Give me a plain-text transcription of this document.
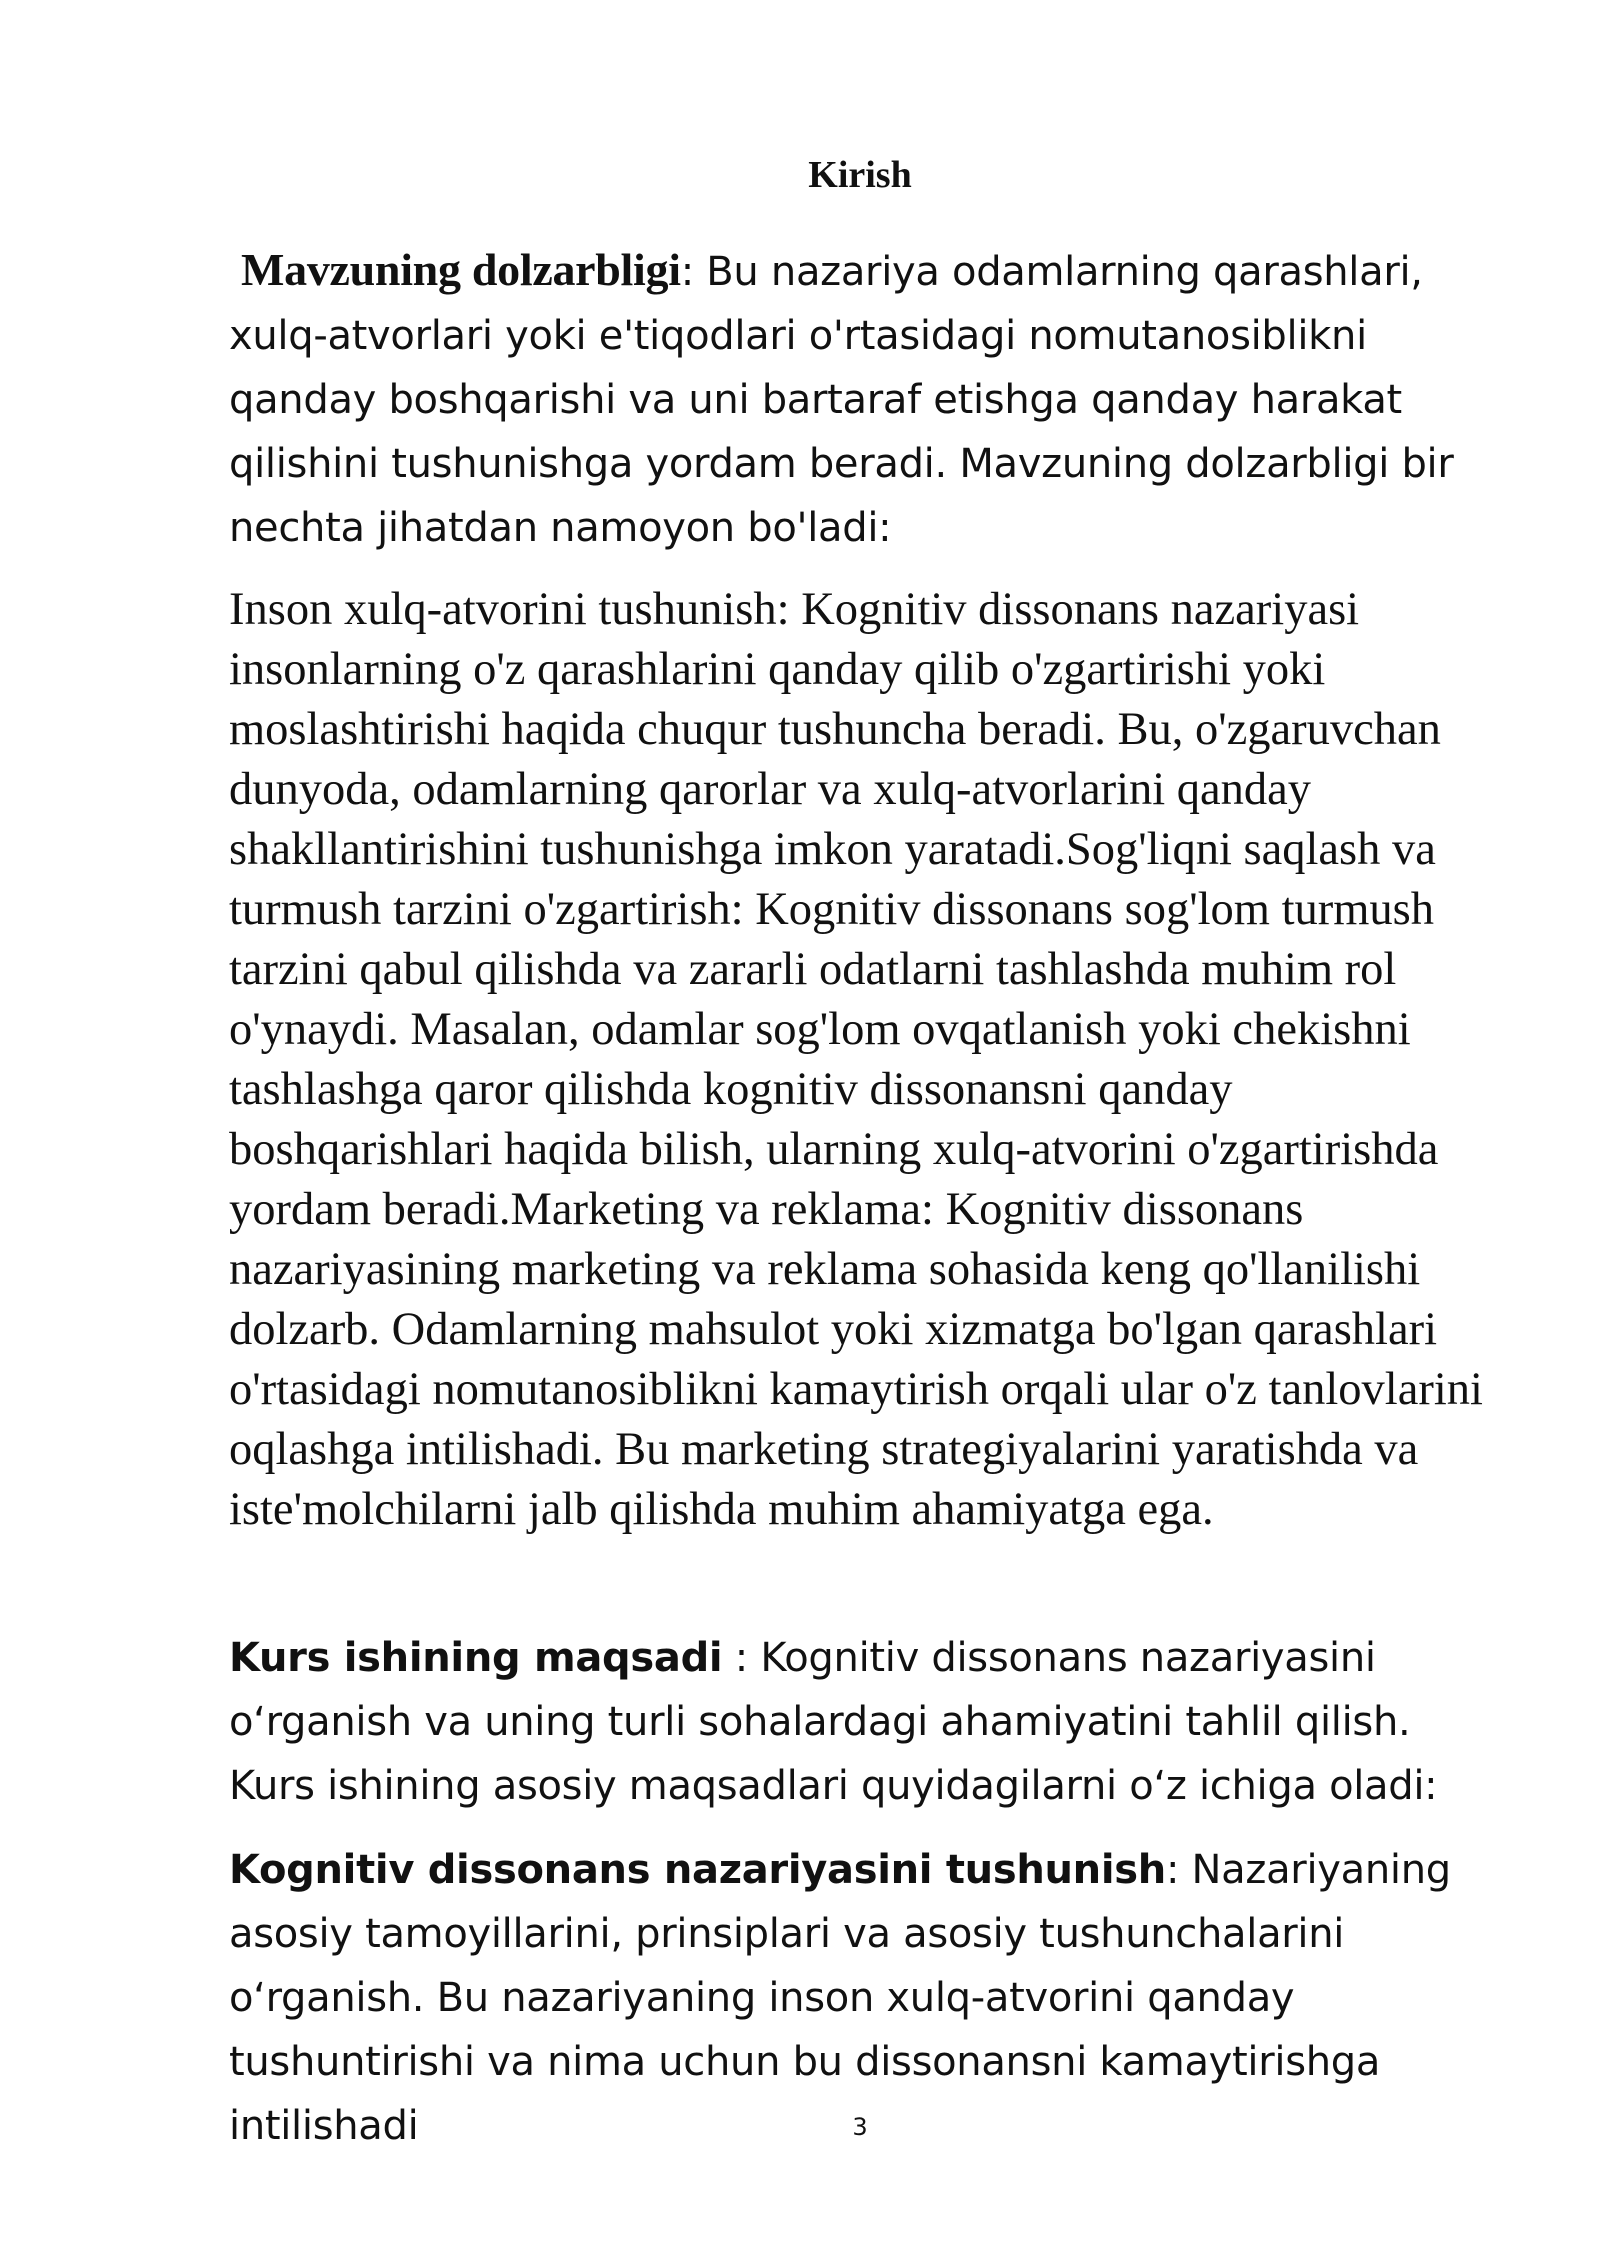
Kirish
Mavzuning dolzarbligi: Bu nazariya odamlarning qarashlari, xulq-atvorlari yoki e'tiqodlari o'rtasidagi nomutanosiblikni qanday boshqarishi va uni bartaraf etishga qanday harakat qilishini tushunishga yordam beradi. Mavzuning dolzarbligi bir nechta jihatdan namoyon bo'ladi:
Inson xulq-atvorini tushunish: Kognitiv dissonans nazariyasi insonlarning o'z qarashlarini qanday qilib o'zgartirishi yoki moslashtirishi haqida chuqur tushuncha beradi. Bu, o'zgaruvchan dunyoda, odamlarning qarorlar va xulq-atvorlarini qanday shakllantirishini tushunishga imkon yaratadi.Sog'liqni saqlash va turmush tarzini o'zgartirish: Kognitiv dissonans sog'lom turmush tarzini qabul qilishda va zararli odatlarni tashlashda muhim rol o'ynaydi. Masalan, odamlar sog'lom ovqatlanish yoki chekishni tashlashga qaror qilishda kognitiv dissonansni qanday boshqarishlari haqida bilish, ularning xulq-atvorini o'zgartirishda yordam beradi.Marketing va reklama: Kognitiv dissonans nazariyasining marketing va reklama sohasida keng qo'llanilishi dolzarb. Odamlarning mahsulot yoki xizmatga bo'lgan qarashlari o'rtasidagi nomutanosiblikni kamaytirish orqali ular o'z tanlovlarini oqlashga intilishadi. Bu marketing strategiyalarini yaratishda va iste'molchilarni jalb qilishda muhim ahamiyatga ega.
Kurs ishining maqsadi : Kognitiv dissonans nazariyasini o‘rganish va uning turli sohalardagi ahamiyatini tahlil qilish. Kurs ishining asosiy maqsadlari quyidagilarni o‘z ichiga oladi:
Kognitiv dissonans nazariyasini tushunish: Nazariyaning asosiy tamoyillarini, prinsiplari va asosiy tushunchalarini o‘rganish. Bu nazariyaning inson xulq-atvorini qanday tushuntirishi va nima uchun bu dissonansni kamaytirishga intilishadi	3
